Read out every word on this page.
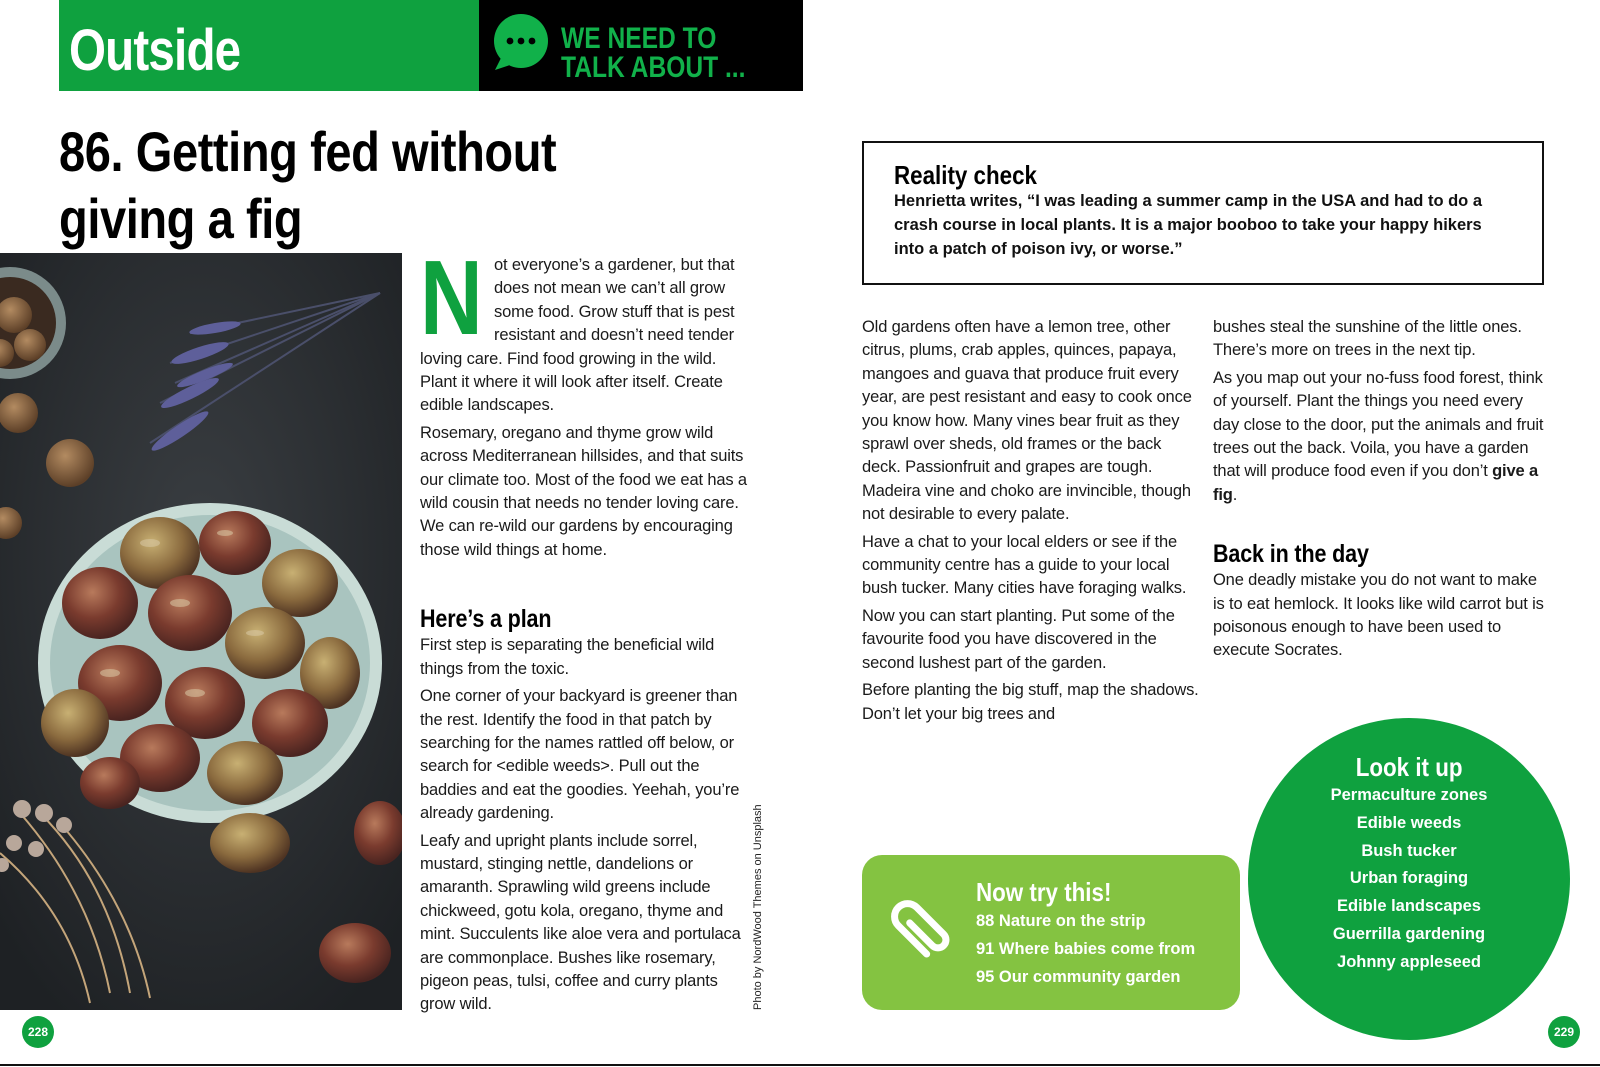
Outside	WE NEED TO
TALK ABOUT ...
86. Getting fed without
giving a fig
Photo by NordWood Themes on Unsplash

Not everyone’s a gardener, but that does not mean we can’t all grow some food. Grow stuff that is pest resistant and doesn’t need tender loving care. Find food growing in the wild. Plant it where it will look after itself. Create edible landscapes.

Rosemary, oregano and thyme grow wild across Mediterranean hillsides, and that suits our climate too. Most of the food we eat has a wild cousin that needs no tender loving care. We can re-wild our gardens by encouraging those wild things at home.

Here’s a plan

First step is separating the beneficial wild things from the toxic.

One corner of your backyard is greener than the rest. Identify the food in that patch by searching for the names rattled off below, or search for <edible weeds>. Pull out the baddies and eat the goodies. Yeehah, you’re already gardening.

Leafy and upright plants include sorrel, mustard, stinging nettle, dandelions or amaranth. Sprawling wild greens include chickweed, gotu kola, oregano, thyme and mint. Succulents like aloe vera and portulaca are commonplace. Bushes like rosemary, pigeon peas, tulsi, coffee and curry plants grow wild.

Reality check
Henrietta writes, “I was leading a summer camp in the USA and had to do a crash course in local plants. It is a major booboo to take your happy hikers into a patch of poison ivy, or worse.”

Old gardens often have a lemon tree, other citrus, plums, crab apples, quinces, papaya, mangoes and guava that produce fruit every year, are pest resistant and easy to cook once you know how. Many vines bear fruit as they sprawl over sheds, old frames or the back deck. Passionfruit and grapes are tough. Madeira vine and choko are invincible, though not desirable to every palate.

Have a chat to your local elders or see if the community centre has a guide to your local bush tucker. Many cities have foraging walks.

Now you can start planting. Put some of the favourite food you have discovered in the second lushest part of the garden.

Before planting the big stuff, map the shadows. Don’t let your big trees and

bushes steal the sunshine of the little ones. There’s more on trees in the next tip.

As you map out your no-fuss food forest, think of yourself. Plant the things you need every day close to the door, put the animals and fruit trees out the back. Voila, you have a garden that will produce food even if you don’t give a fig.

Back in the day

One deadly mistake you do not want to make is to eat hemlock. It looks like wild carrot but is poisonous enough to have been used to execute Socrates.

Now try this!
88 Nature on the strip
91 Where babies come from
95 Our community garden
Look it up
Permaculture zones
Edible weeds
Bush tucker
Urban foraging
Edible landscapes
Guerrilla gardening
Johnny appleseed
228	229
